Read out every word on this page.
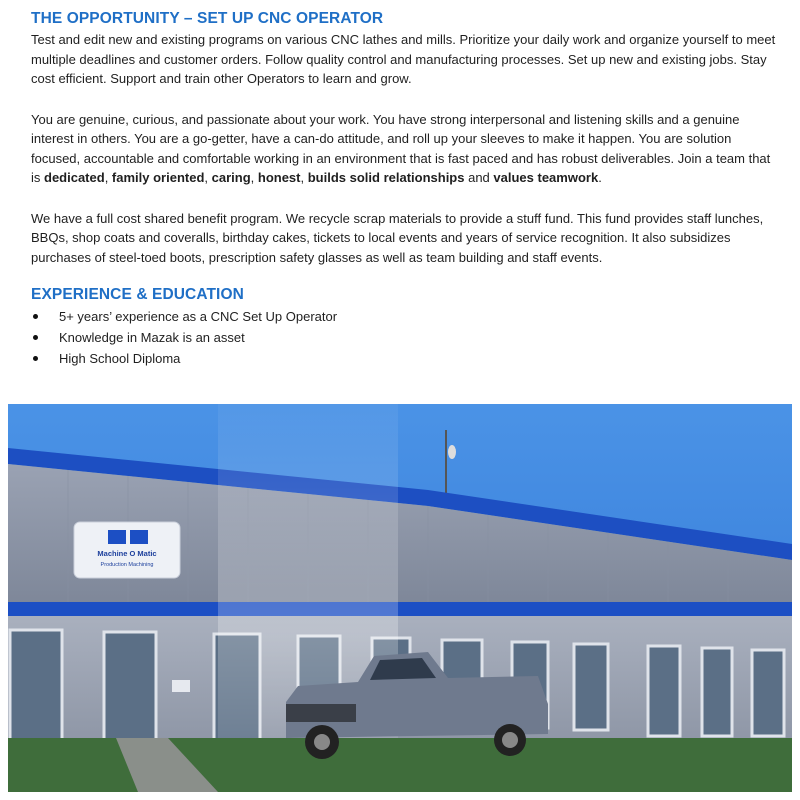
THE OPPORTUNITY – SET UP CNC OPERATOR

Test and edit new and existing programs on various CNC lathes and mills. Prioritize your daily work and organize yourself to meet multiple deadlines and customer orders. Follow quality control and manufacturing processes. Set up new and existing jobs. Stay cost efficient. Support and train other Operators to learn and grow.

You are genuine, curious, and passionate about your work. You have strong interpersonal and listening skills and a genuine interest in others. You are a go-getter, have a can-do attitude, and roll up your sleeves to make it happen. You are solution focused, accountable and comfortable working in an environment that is fast paced and has robust deliverables. Join a team that is dedicated, family oriented, caring, honest, builds solid relationships and values teamwork.

We have a full cost shared benefit program. We recycle scrap materials to provide a stuff fund. This fund provides staff lunches, BBQs, shop coats and coveralls, birthday cakes, tickets to local events and years of service recognition. It also subsidizes purchases of steel-toed boots, prescription safety glasses as well as team building and staff events.

EXPERIENCE & EDUCATION
5+ years’ experience as a CNC Set Up Operator
Knowledge in Mazak is an asset
High School Diploma
Machine O Matic
Production Machining
